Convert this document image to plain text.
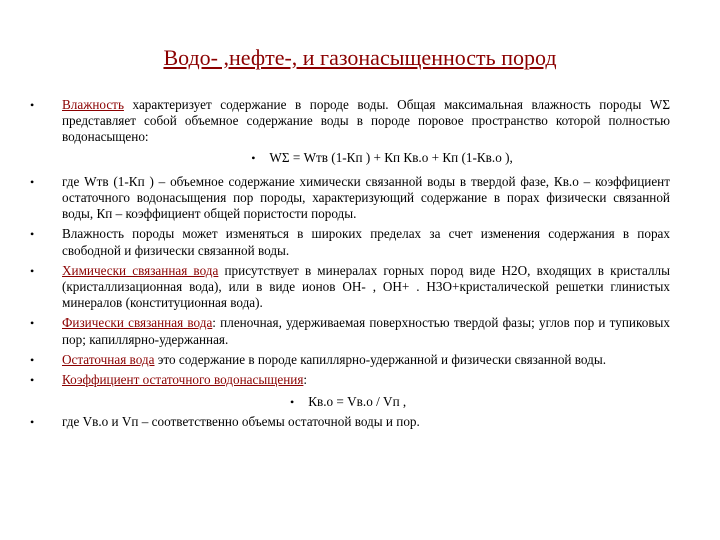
Водо- ,нефте-, и газонасыщенность пород
• Влажность характеризует содержание в породе воды. Общая максимальная влажность породы WΣ представляет собой объемное содержание воды в породе поровое пространство которой полностью водонасыщено:
• WΣ = Wтв (1-Кп ) + Кп Кв.о + Кп (1-Кв.о ),
• где Wтв (1-Кп ) – объемное содержание химически связанной воды в твердой фазе, Кв.о – коэффициент остаточного водонасыщения пор породы, характеризующий содержание в порах физически связанной воды, Кп – коэффициент общей пористости породы.
• Влажность породы может изменяться в широких пределах за счет изменения содержания в порах свободной и физически связанной воды.
• Химически связанная вода присутствует в минералах горных пород виде H2O, входящих в кристаллы (кристаллизационная вода), или в виде ионов OH- , OH+ . H3O+кристалической решетки глинистых минералов (конституционная вода).
• Физически связанная вода: пленочная, удерживаемая поверхностью твердой фазы; углов пор и тупиковых пор; капиллярно-удержанная.
• Остаточная вода это содержание в породе капиллярно-удержанной и физически связанной воды.
• Коэффициент остаточного водонасыщения:
• Кв.о = Vв.о / Vп ,
• где Vв.о и Vп – соответственно объемы остаточной воды и пор.
